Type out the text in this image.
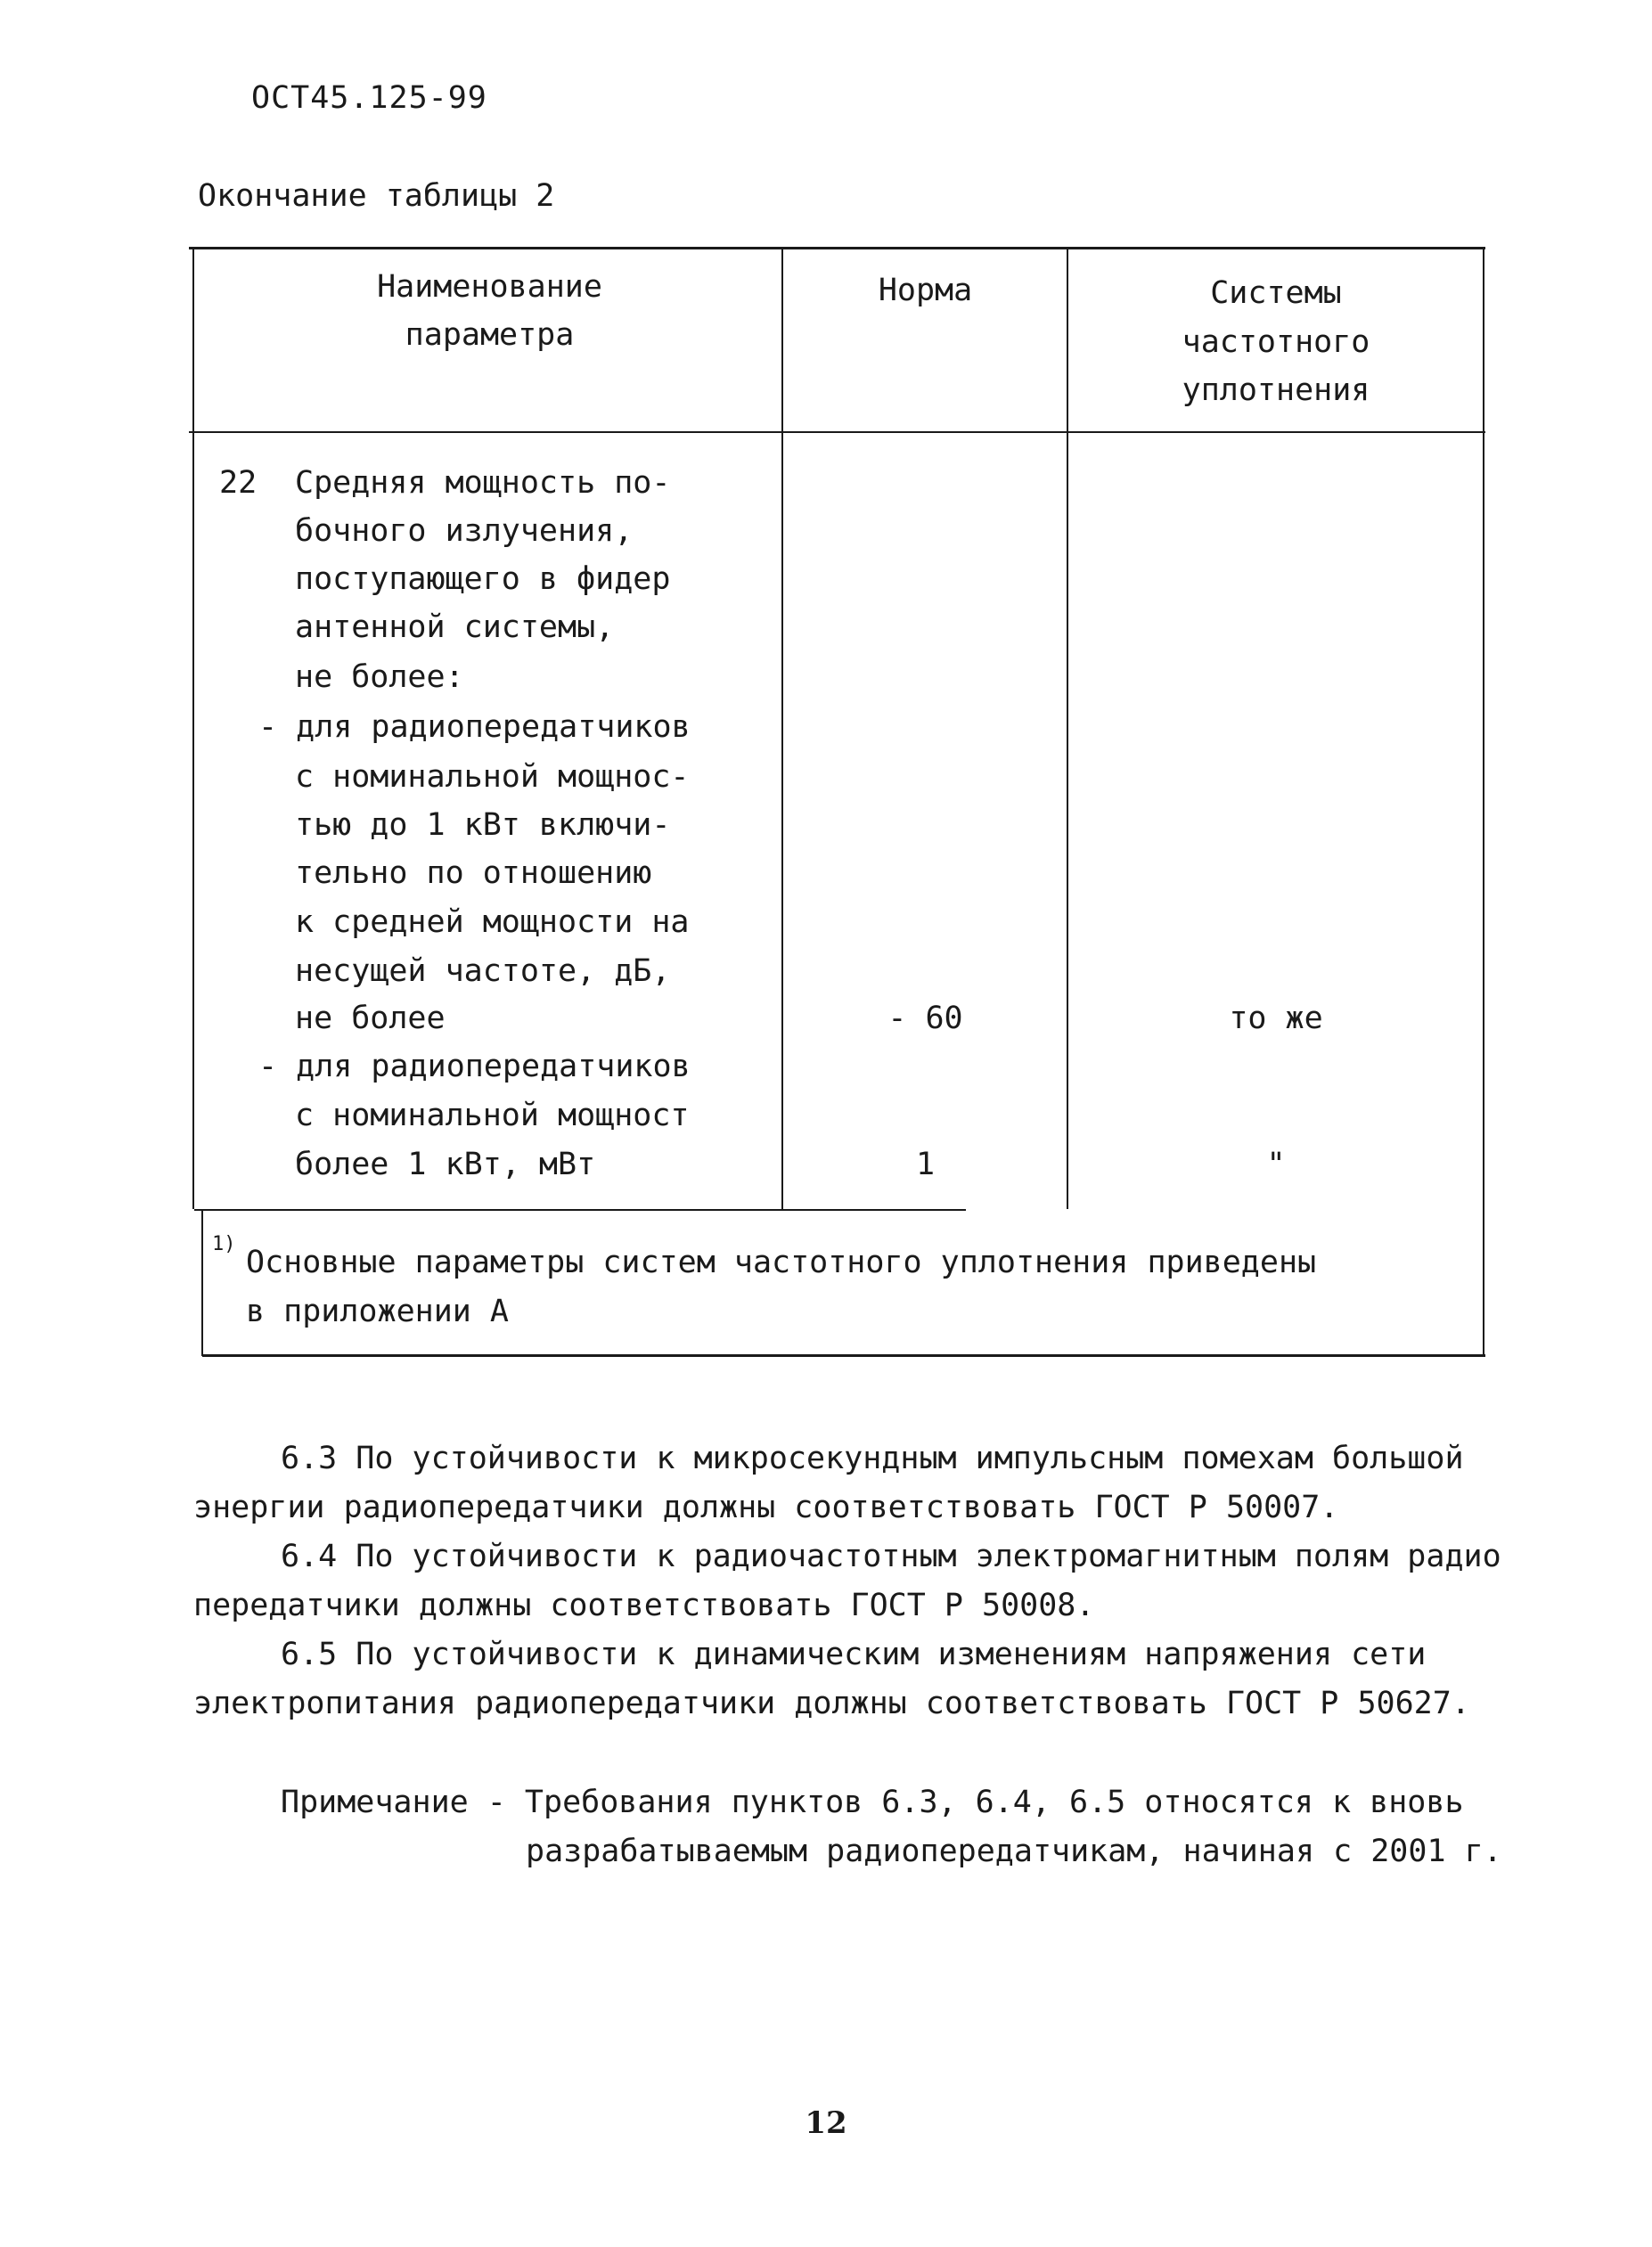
ОСТ45.125-99
Окончание таблицы 2
Наименование
параметра
Норма	Системы
частотного
уплотнения
22 Средняя мощность по-
бочного излучения,
поступающего в фидер
антенной системы,
не более:
- для радиопередатчиков
с номинальной мощнос-
тью до 1 кВт включи-
тельно по отношению
к средней мощности на
несущей частоте, дБ,
не более
- для радиопередатчиков
с номинальной мощност
более 1 кВт, мВт
- 60
1
то же
"
1)
Основные параметры систем частотного уплотнения приведены
в приложении А
6.3 По устойчивости к микросекундным импульсным помехам большой
энергии радиопередатчики должны соответствовать ГОСТ Р 50007.
6.4 По устойчивости к радиочастотным электромагнитным полям радио
передатчики должны соответствовать ГОСТ Р 50008.
6.5 По устойчивости к динамическим изменениям напряжения сети
электропитания радиопередатчики должны соответствовать ГОСТ Р 50627.
Примечание - Требования пунктов 6.3, 6.4, 6.5 относятся к вновь
разрабатываемым радиопередатчикам, начиная с 2001 г.
12
